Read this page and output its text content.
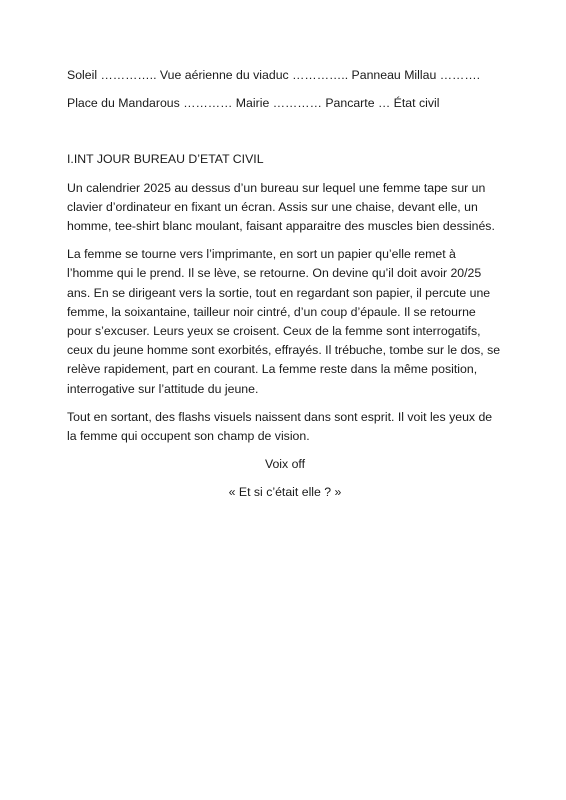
Soleil ………….. Vue aérienne du viaduc ………….. Panneau Millau ……….

Place du Mandarous ………… Mairie ………… Pancarte … État civil

I.INT JOUR BUREAU D’ETAT CIVIL

Un calendrier 2025 au dessus d’un bureau sur lequel une femme tape sur un clavier d’ordinateur en fixant un écran. Assis sur une chaise, devant elle, un homme, tee-shirt blanc moulant, faisant apparaitre des muscles bien dessinés.

La femme se tourne vers l’imprimante, en sort un papier qu’elle remet à l’homme qui le prend. Il se lève, se retourne. On devine qu’il doit avoir 20/25 ans. En se dirigeant vers la sortie, tout en regardant son papier, il percute une femme, la soixantaine, tailleur noir cintré, d’un coup d’épaule. Il se retourne pour s’excuser. Leurs yeux se croisent. Ceux de la femme sont interrogatifs, ceux du jeune homme sont exorbités, effrayés. Il trébuche, tombe sur le dos, se relève rapidement, part en courant. La femme reste dans la même position, interrogative sur l’attitude du jeune.

Tout en sortant, des flashs visuels naissent dans sont esprit. Il voit les yeux de la femme qui occupent son champ de vision.

Voix off

« Et si c’était elle ? »
